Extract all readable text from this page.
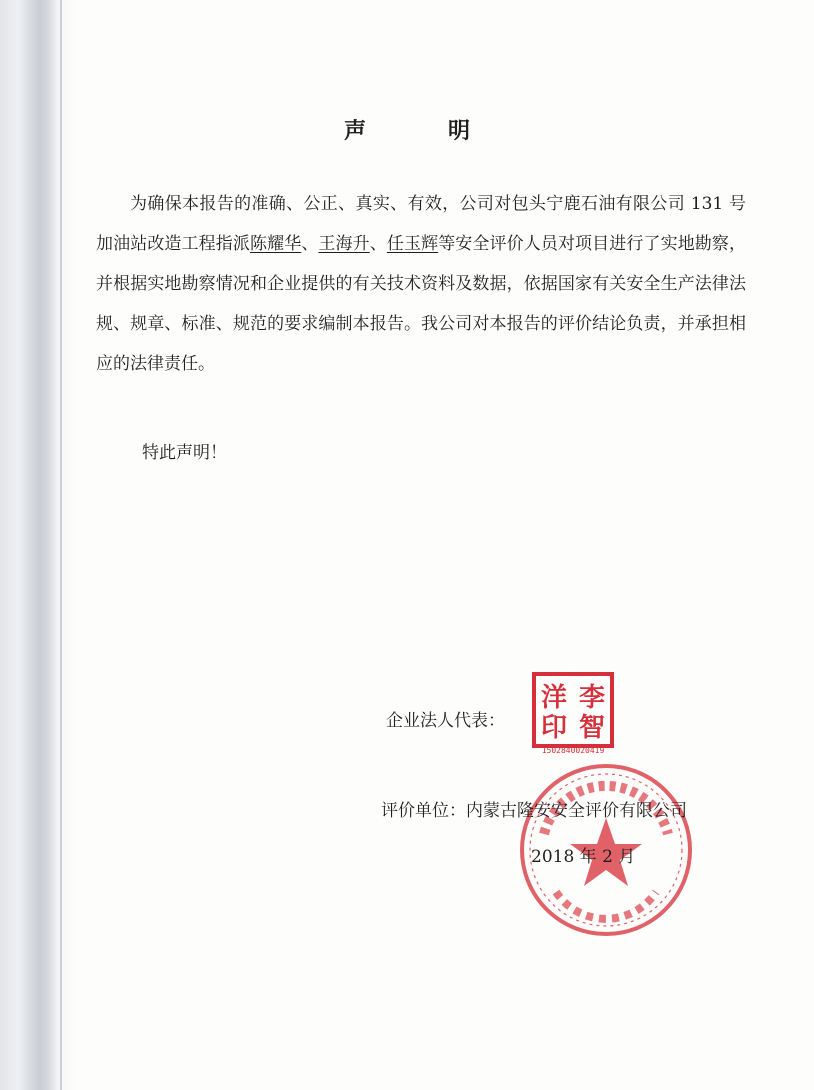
声　明
为确保本报告的准确、公正、真实、有效，公司对包头宁鹿石油有限公司 131 号加油站改造工程指派陈耀华、王海升、任玉辉等安全评价人员对项目进行了实地勘察，并根据实地勘察情况和企业提供的有关技术资料及数据，依据国家有关安全生产法律法规、规章、标准、规范的要求编制本报告。我公司对本报告的评价结论负责，并承担相应的法律责任。
特此声明！
企业法人代表：
洋 李
印 智
1502840020419
评价单位：内蒙古隆安安全评价有限公司
2018 年 2 月
